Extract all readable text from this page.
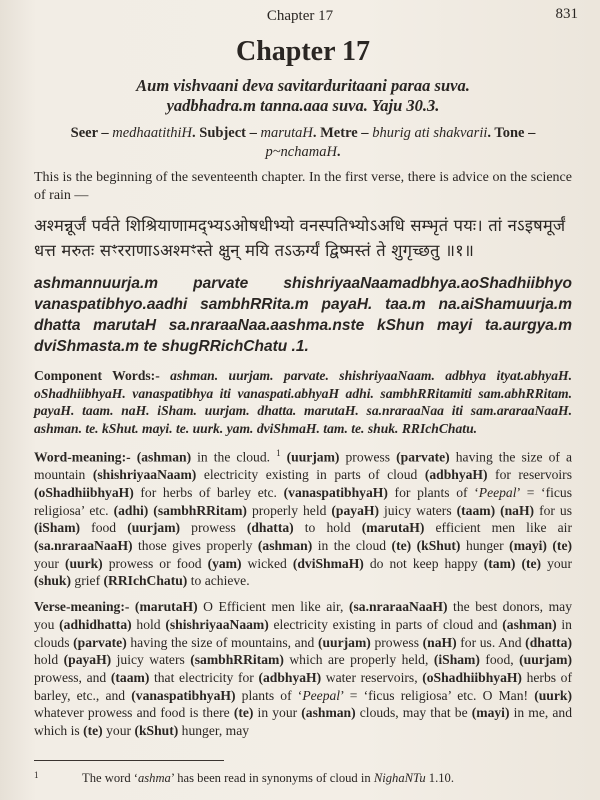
Chapter 17	831
Chapter 17
Aum vishvaani deva savitarduritaani paraa suva.
yadbhadra.m tanna.aaa suva. Yaju 30.3.
Seer – medhaatithiH. Subject – marutaH. Metre – bhurig ati shakvarii. Tone –
p~nchamaH.

This is the beginning of the seventeenth chapter. In the first verse, there is advice on the science of rain —

अश्मन्नूर्जं पर्वते शिश्रियाणामद्भ्यऽओषधीभ्यो वनस्पतिभ्योऽअधि सम्भृतं पयः। तां नऽइषमूर्जं धत्त मरुतः सꣳरराणाऽअश्मꣳस्ते क्षुन् मयि तऽऊर्ग्यं द्विष्मस्तं ते शुगृच्छतु ॥१॥
ashmannuurja.m parvate shishriyaaNaamadbhya.aoShadhiibhyo vanaspatibhyo.aadhi sambhRRita.m payaH. taa.m na.aiShamuurja.m dhatta marutaH sa.nraraaNaa.aashma.nste kShun mayi ta.aurgya.m dviShmasta.m te shugRRichChatu .1.
Component Words:- ashman. uurjam. parvate. shishriyaaNaam. adbhya ityat.abhyaH. oShadhiibhyaH. vanaspatibhya iti vanaspati.abhyaH adhi. sambhRRitamiti sam.abhRRitam. payaH. taam. naH. iSham. uurjam. dhatta. marutaH. sa.nraraaNaa iti sam.araraaNaaH. ashman. te. kShut. mayi. te. uurk. yam. dviShmaH. tam. te. shuk. RRIchChatu.
Word-meaning:- (ashman) in the cloud. $^1$ (uurjam) prowess (parvate) having the size of a mountain (shishriyaaNaam) electricity existing in parts of cloud (adbhyaH) for reservoirs (oShadhiibhyaH) for herbs of barley etc. (vanaspatibhyaH) for plants of ‘Peepal’ = ‘ficus religiosa’ etc. (adhi) (sambhRRitam) properly held (payaH) juicy waters (taam) (naH) for us (iSham) food (uurjam) prowess (dhatta) to hold (marutaH) efficient men like air (sa.nraraaNaaH) those gives properly (ashman) in the cloud (te) (kShut) hunger (mayi) (te) your (uurk) prowess or food (yam) wicked (dviShmaH) do not keep happy (tam) (te) your (shuk) grief (RRIchChatu) to achieve.
Verse-meaning:- (marutaH) O Efficient men like air, (sa.nraraaNaaH) the best donors, may you (adhidhatta) hold (shishriyaaNaam) electricity existing in parts of cloud and (ashman) in clouds (parvate) having the size of mountains, and (uurjam) prowess (naH) for us. And (dhatta) hold (payaH) juicy waters (sambhRRitam) which are properly held, (iSham) food, (uurjam) prowess, and (taam) that electricity for (adbhyaH) water reservoirs, (oShadhiibhyaH) herbs of barley, etc., and (vanaspatibhyaH) plants of ‘Peepal’ = ‘ficus religiosa’ etc. O Man! (uurk) whatever prowess and food is there (te) in your (ashman) clouds, may that be (mayi) in me, and which is (te) your (kShut) hunger, may
1	The word ‘ashma’ has been read in synonyms of cloud in NighaNTu 1.10.
